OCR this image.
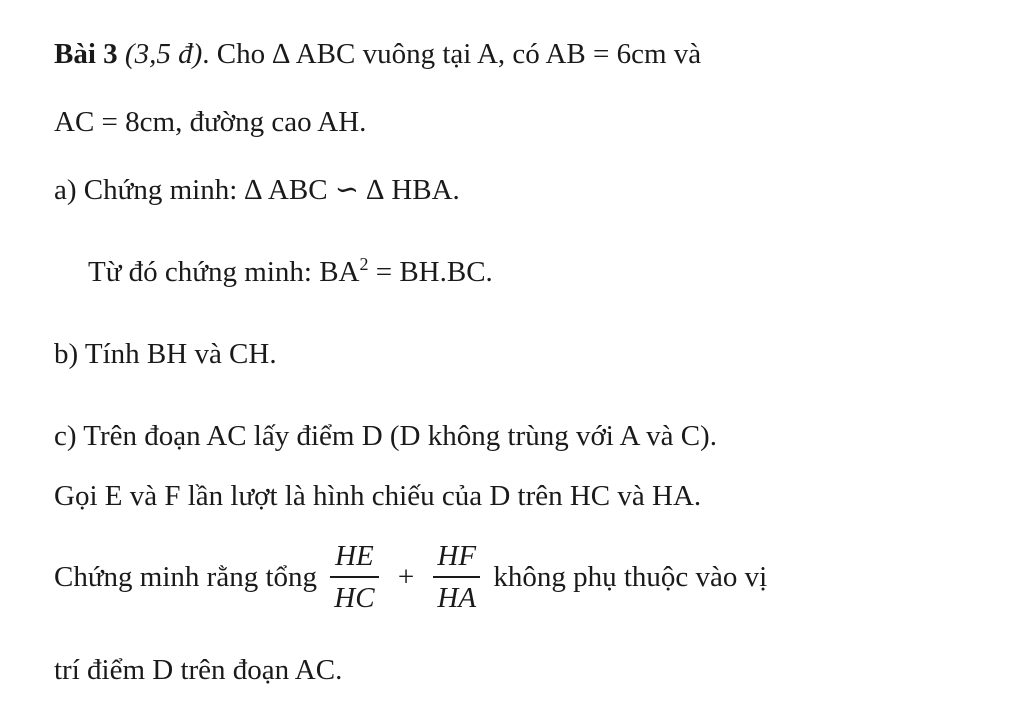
Bài 3 (3,5 đ). Cho ∆ ABC vuông tại A, có AB = 6cm và
AC = 8cm, đường cao AH.
a) Chứng minh: ∆ ABC ∽ ∆ HBA.
Từ đó chứng minh: $BA^2 = BH.BC$.
b) Tính BH và CH.
c) Trên đoạn AC lấy điểm D (D không trùng với A và C).
Gọi E và F lần lượt là hình chiếu của D trên HC và HA.
Chứng minh rằng tổng $\frac{HE}{HC} + \frac{HF}{HA}$ không phụ thuộc vào vị
trí điểm D trên đoạn AC.
